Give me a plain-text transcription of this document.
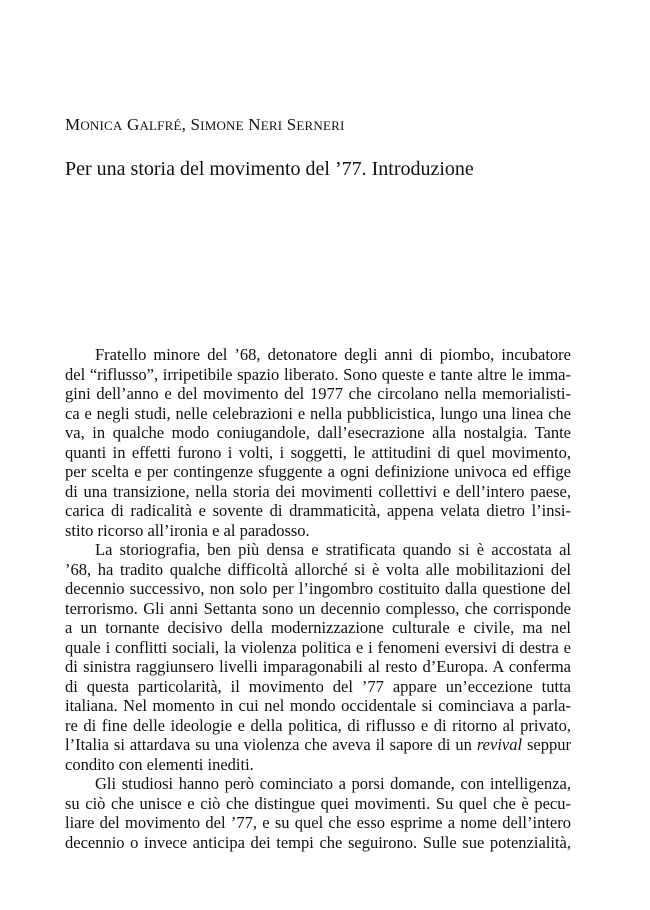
MONICA GALFRÉ, SIMONE NERI SERNERI
Per una storia del movimento del ’77. Introduzione
Fratello minore del ’68, detonatore degli anni di piombo, incubatore
del “riflusso”, irripetibile spazio liberato. Sono queste e tante altre le imma-
gini dell’anno e del movimento del 1977 che circolano nella memorialisti-
ca e negli studi, nelle celebrazioni e nella pubblicistica, lungo una linea che
va, in qualche modo coniugandole, dall’esecrazione alla nostalgia. Tante
quanti in effetti furono i volti, i soggetti, le attitudini di quel movimento,
per scelta e per contingenze sfuggente a ogni definizione univoca ed effige
di una transizione, nella storia dei movimenti collettivi e dell’intero paese,
carica di radicalità e sovente di drammaticità, appena velata dietro l’insi-
stito ricorso all’ironia e al paradosso.
La storiografia, ben più densa e stratificata quando si è accostata al
’68, ha tradito qualche difficoltà allorché si è volta alle mobilitazioni del
decennio successivo, non solo per l’ingombro costituito dalla questione del
terrorismo. Gli anni Settanta sono un decennio complesso, che corrisponde
a un tornante decisivo della modernizzazione culturale e civile, ma nel
quale i conflitti sociali, la violenza politica e i fenomeni eversivi di destra e
di sinistra raggiunsero livelli imparagonabili al resto d’Europa. A conferma
di questa particolarità, il movimento del ’77 appare un’eccezione tutta
italiana. Nel momento in cui nel mondo occidentale si cominciava a parla-
re di fine delle ideologie e della politica, di riflusso e di ritorno al privato,
l’Italia si attardava su una violenza che aveva il sapore di un revival seppur
condito con elementi inediti.
Gli studiosi hanno però cominciato a porsi domande, con intelligenza,
su ciò che unisce e ciò che distingue quei movimenti. Su quel che è pecu-
liare del movimento del ’77, e su quel che esso esprime a nome dell’intero
decennio o invece anticipa dei tempi che seguirono. Sulle sue potenzialità,
